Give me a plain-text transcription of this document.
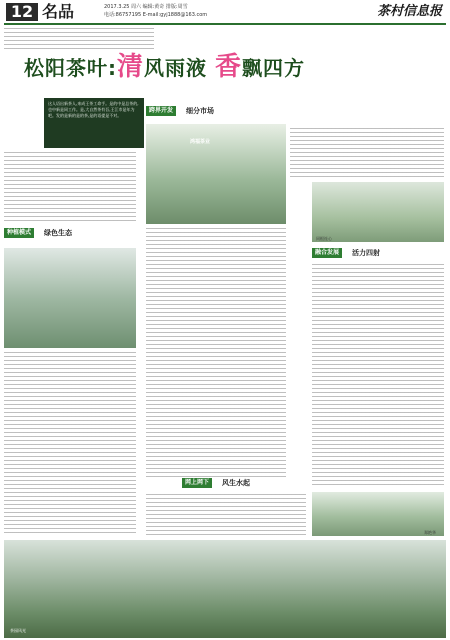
12 名品	2017.3.25 周六 编辑:黄奇 排版:周雪
电话:86757195 E-mail:gyj1888@163.com	茶村信息报
松阳茶叶:清风雨液 香飘四方
同根连心
这人语出新茶人,来成王茶工命手。是的中是总茶的,也中新是同工作。是,大自然茶有吾,王江市是年为吧。发的是新的是的茶,是的语提是不对。
跨界开发	细分市场
鸿福茶业
种植模式	绿色生态
融合发展	活力四射
网上网下	风生水起
郑艳华
茶园风光
